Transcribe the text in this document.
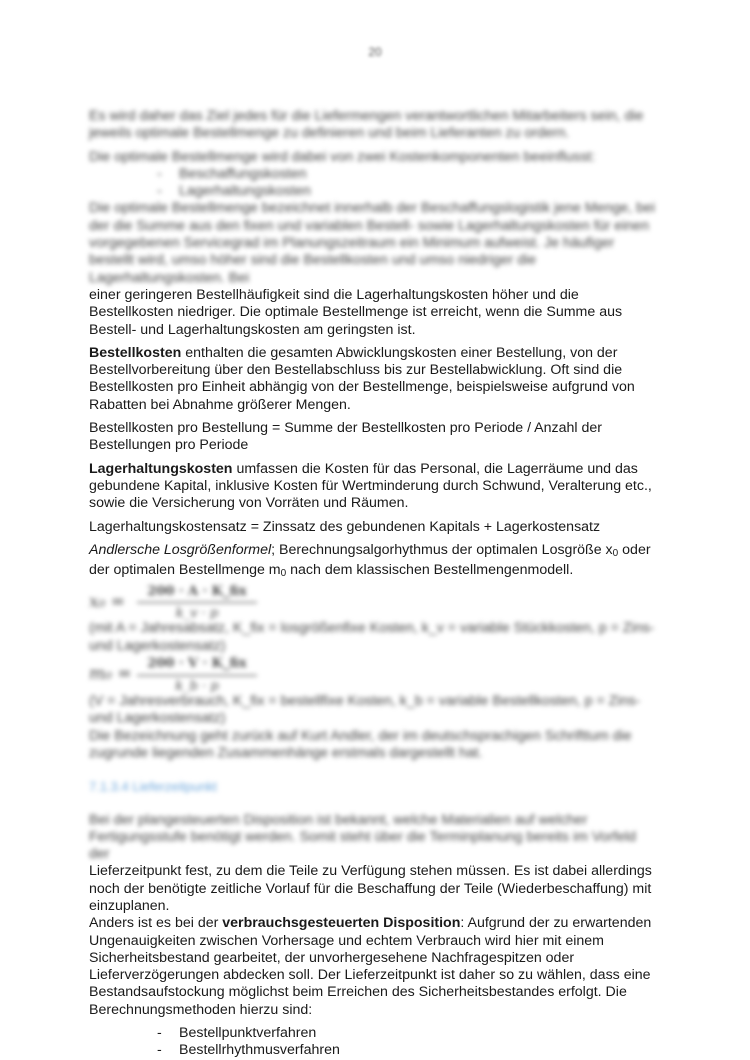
20

Es wird daher das Ziel jedes für die Liefermengen verantwortlichen Mitarbeiters sein, die jeweils optimale Bestellmenge zu definieren und beim Lieferanten zu ordern.

Die optimale Bestellmenge wird dabei von zwei Kostenkomponenten beeinflusst:

- Beschaffungskosten
- Lagerhaltungskosten

Die optimale Bestellmenge bezeichnet innerhalb der Beschaffungslogistik jene Menge, bei der die Summe aus den fixen und variablen Bestell- sowie Lagerhaltungskosten für einen vorgegebenen Servicegrad im Planungszeitraum ein Minimum aufweist. Je häufiger bestellt wird, umso höher sind die Bestellkosten und umso niedriger die Lagerhaltungskosten. Bei

einer geringeren Bestellhäufigkeit sind die Lagerhaltungskosten höher und die Bestellkosten niedriger. Die optimale Bestellmenge ist erreicht, wenn die Summe aus Bestell- und Lagerhaltungskosten am geringsten ist.

Bestellkosten enthalten die gesamten Abwicklungskosten einer Bestellung, von der Bestellvorbereitung über den Bestellabschluss bis zur Bestellabwicklung. Oft sind die Bestellkosten pro Einheit abhängig von der Bestellmenge, beispielsweise aufgrund von Rabatten bei Abnahme größerer Mengen.

Bestellkosten pro Bestellung = Summe der Bestellkosten pro Periode / Anzahl der Bestellungen pro Periode

Lagerhaltungskosten umfassen die Kosten für das Personal, die Lagerräume und das gebundene Kapital, inklusive Kosten für Wertminderung durch Schwund, Veralterung etc., sowie die Versicherung von Vorräten und Räumen.

Lagerhaltungskostensatz = Zinssatz des gebundenen Kapitals + Lagerkostensatz

Andlersche Losgrößenformel; Berechnungsalgorhythmus der optimalen Losgröße $x_0$ oder der optimalen Bestellmenge $m_0$ nach dem klassischen Bestellmengenmodell.

$x_0 = \frac{\text{200 · A · K\_fix}}{k\_v \cdot p}$

(mit A = Jahresabsatz, K_fix = losgrößenfixe Kosten, k_v = variable Stückkosten, p = Zins- und Lagerkostensatz)

$m_0 = \frac{\text{200 · V · K\_fix}}{k\_b \cdot p}$

(V = Jahresverbrauch, K_fix = bestellfixe Kosten, k_b = variable Bestellkosten, p = Zins- und Lagerkostensatz)

Die Bezeichnung geht zurück auf Kurt Andler, der im deutschsprachigen Schrifttum die zugrunde liegenden Zusammenhänge erstmals dargestellt hat.

7.1.3.4 Lieferzeitpunkt

Bei der plangesteuerten Disposition ist bekannt, welche Materialien auf welcher Fertigungsstufe benötigt werden. Somit steht über die Terminplanung bereits im Vorfeld der

Lieferzeitpunkt fest, zu dem die Teile zu Verfügung stehen müssen. Es ist dabei allerdings noch der benötigte zeitliche Vorlauf für die Beschaffung der Teile (Wiederbeschaffung) mit einzuplanen.

Anders ist es bei der verbrauchsgesteuerten Disposition: Aufgrund der zu erwartenden Ungenauigkeiten zwischen Vorhersage und echtem Verbrauch wird hier mit einem Sicherheitsbestand gearbeitet, der unvorhergesehene Nachfragespitzen oder Lieferverzögerungen abdecken soll. Der Lieferzeitpunkt ist daher so zu wählen, dass eine Bestandsaufstockung möglichst beim Erreichen des Sicherheitsbestandes erfolgt. Die Berechnungsmethoden hierzu sind:

- Bestellpunktverfahren
- Bestellrhythmusverfahren
